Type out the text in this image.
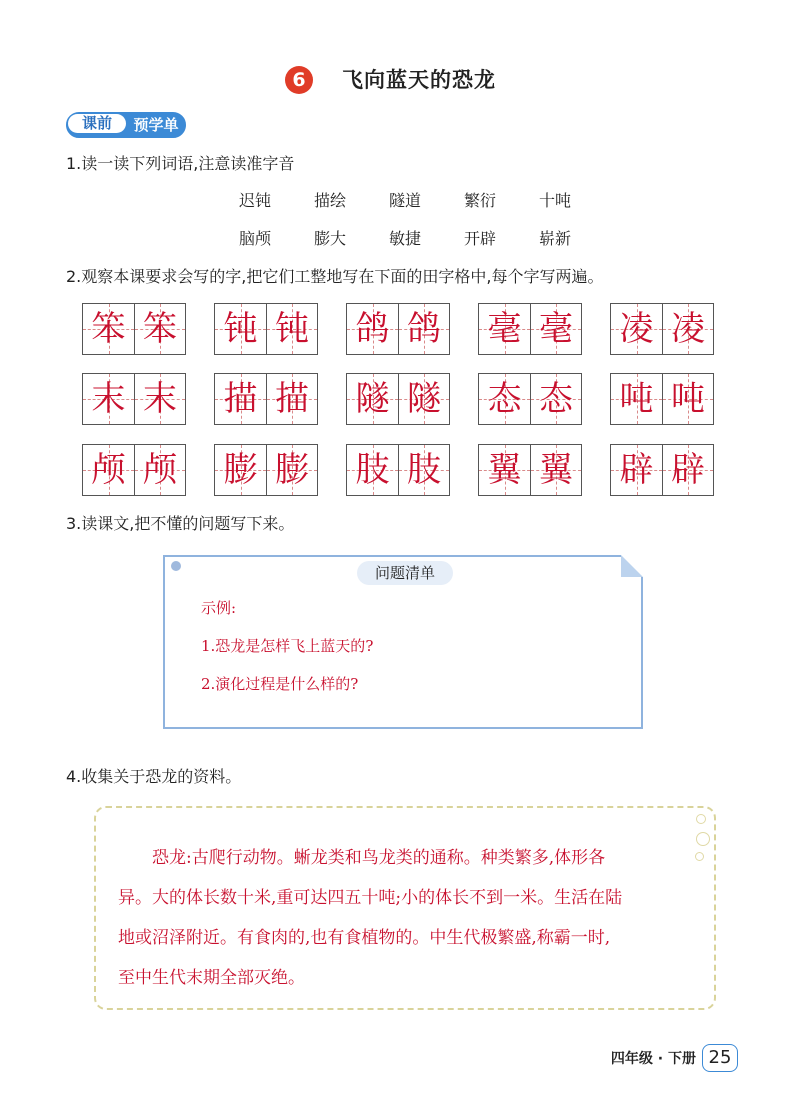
6	飞向蓝天的恐龙
课前	预学单
1.读一读下列词语,注意读准字音
迟钝	描绘	隧道	繁衍	十吨
脑颅	膨大	敏捷	开辟	崭新
2.观察本课要求会写的字,把它们工整地写在下面的田字格中,每个字写两遍。
笨 笨 钝 钝 鸽 鸽 毫 毫 凌 凌
末 末 描 描 隧 隧 态 态 吨 吨
颅 颅 膨 膨 肢 肢 翼 翼 辟 辟
3.读课文,把不懂的问题写下来。
问题清单
示例:
1.恐龙是怎样飞上蓝天的?
2.演化过程是什么样的?
4.收集关于恐龙的资料。
　　恐龙:古爬行动物。蜥龙类和鸟龙类的通称。种类繁多,体形各
异。大的体长数十米,重可达四五十吨;小的体长不到一米。生活在陆
地或沼泽附近。有食肉的,也有食植物的。中生代极繁盛,称霸一时,
至中生代末期全部灭绝。
四年级 · 下册 25
